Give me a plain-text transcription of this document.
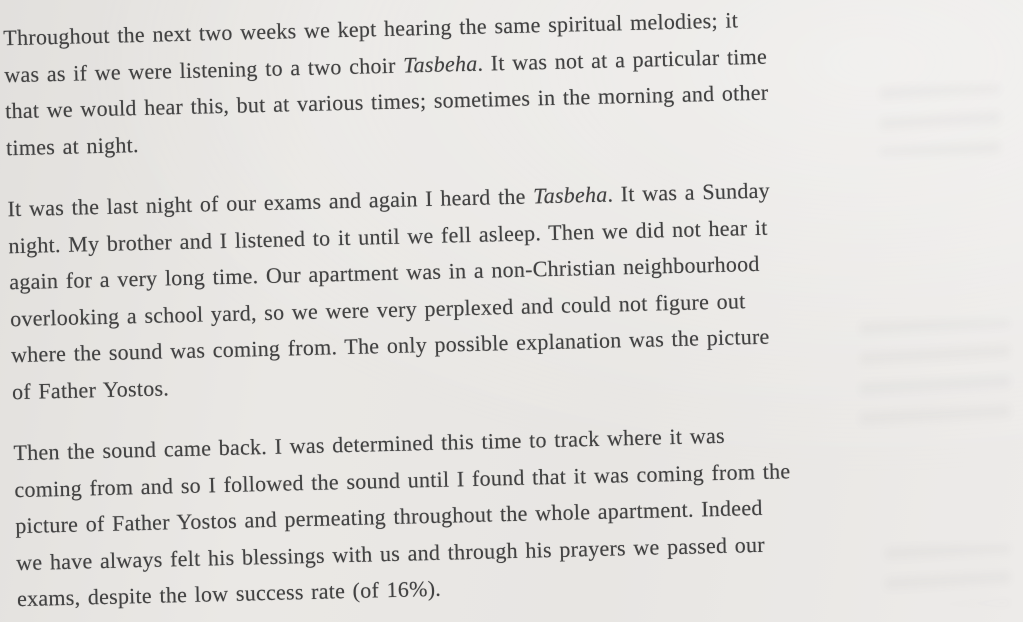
Throughout the next two weeks we kept hearing the same spiritual melodies; it
was as if we were listening to a two choir Tasbeha. It was not at a particular time
that we would hear this, but at various times; sometimes in the morning and other
times at night.
It was the last night of our exams and again I heard the Tasbeha. It was a Sunday
night. My brother and I listened to it until we fell asleep. Then we did not hear it
again for a very long time. Our apartment was in a non-Christian neighbourhood
overlooking a school yard, so we were very perplexed and could not figure out
where the sound was coming from. The only possible explanation was the picture
of Father Yostos.
Then the sound came back. I was determined this time to track where it was
coming from and so I followed the sound until I found that it was coming from the
picture of Father Yostos and permeating throughout the whole apartment. Indeed
we have always felt his blessings with us and through his prayers we passed our
exams, despite the low success rate (of 16%).
